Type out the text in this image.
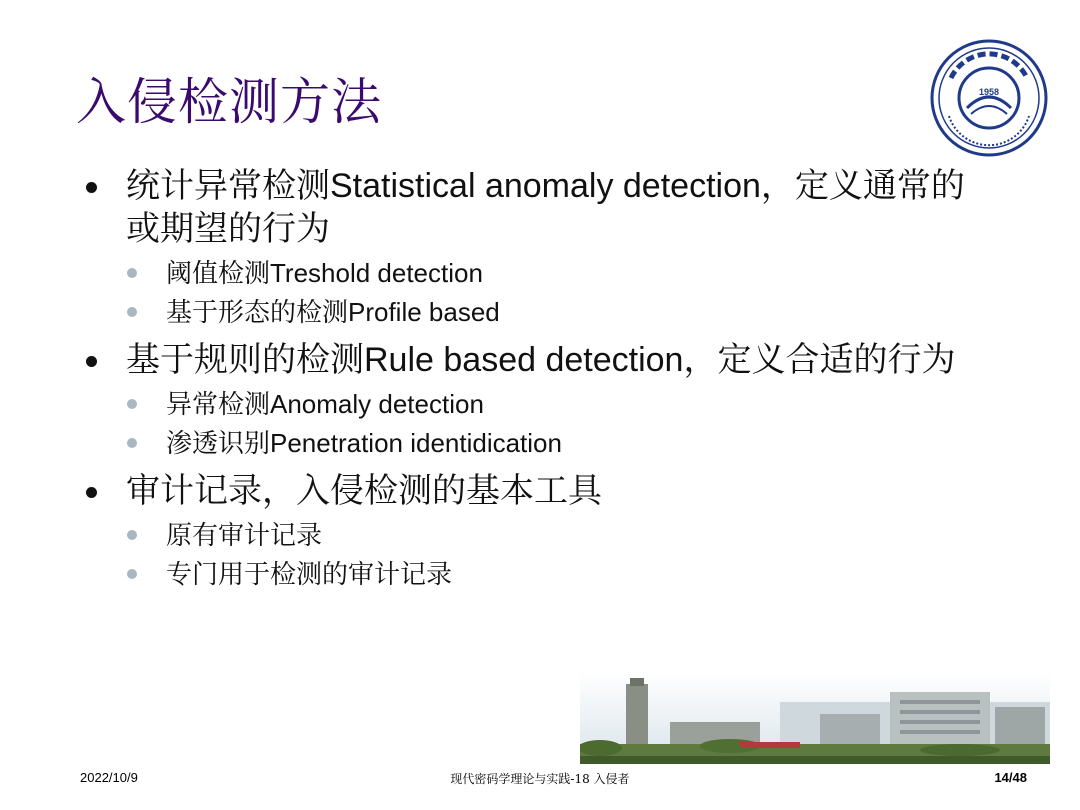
入侵检测方法	1958
统计异常检测Statistical anomaly detection，定义通常的或期望的行为
阈值检测Treshold detection
基于形态的检测Profile based
基于规则的检测Rule based detection，定义合适的行为
异常检测Anomaly detection
渗透识别Penetration identidication
审计记录，入侵检测的基本工具
原有审计记录
专门用于检测的审计记录
2022/10/9	现代密码学理论与实践-18 入侵者	14/48
